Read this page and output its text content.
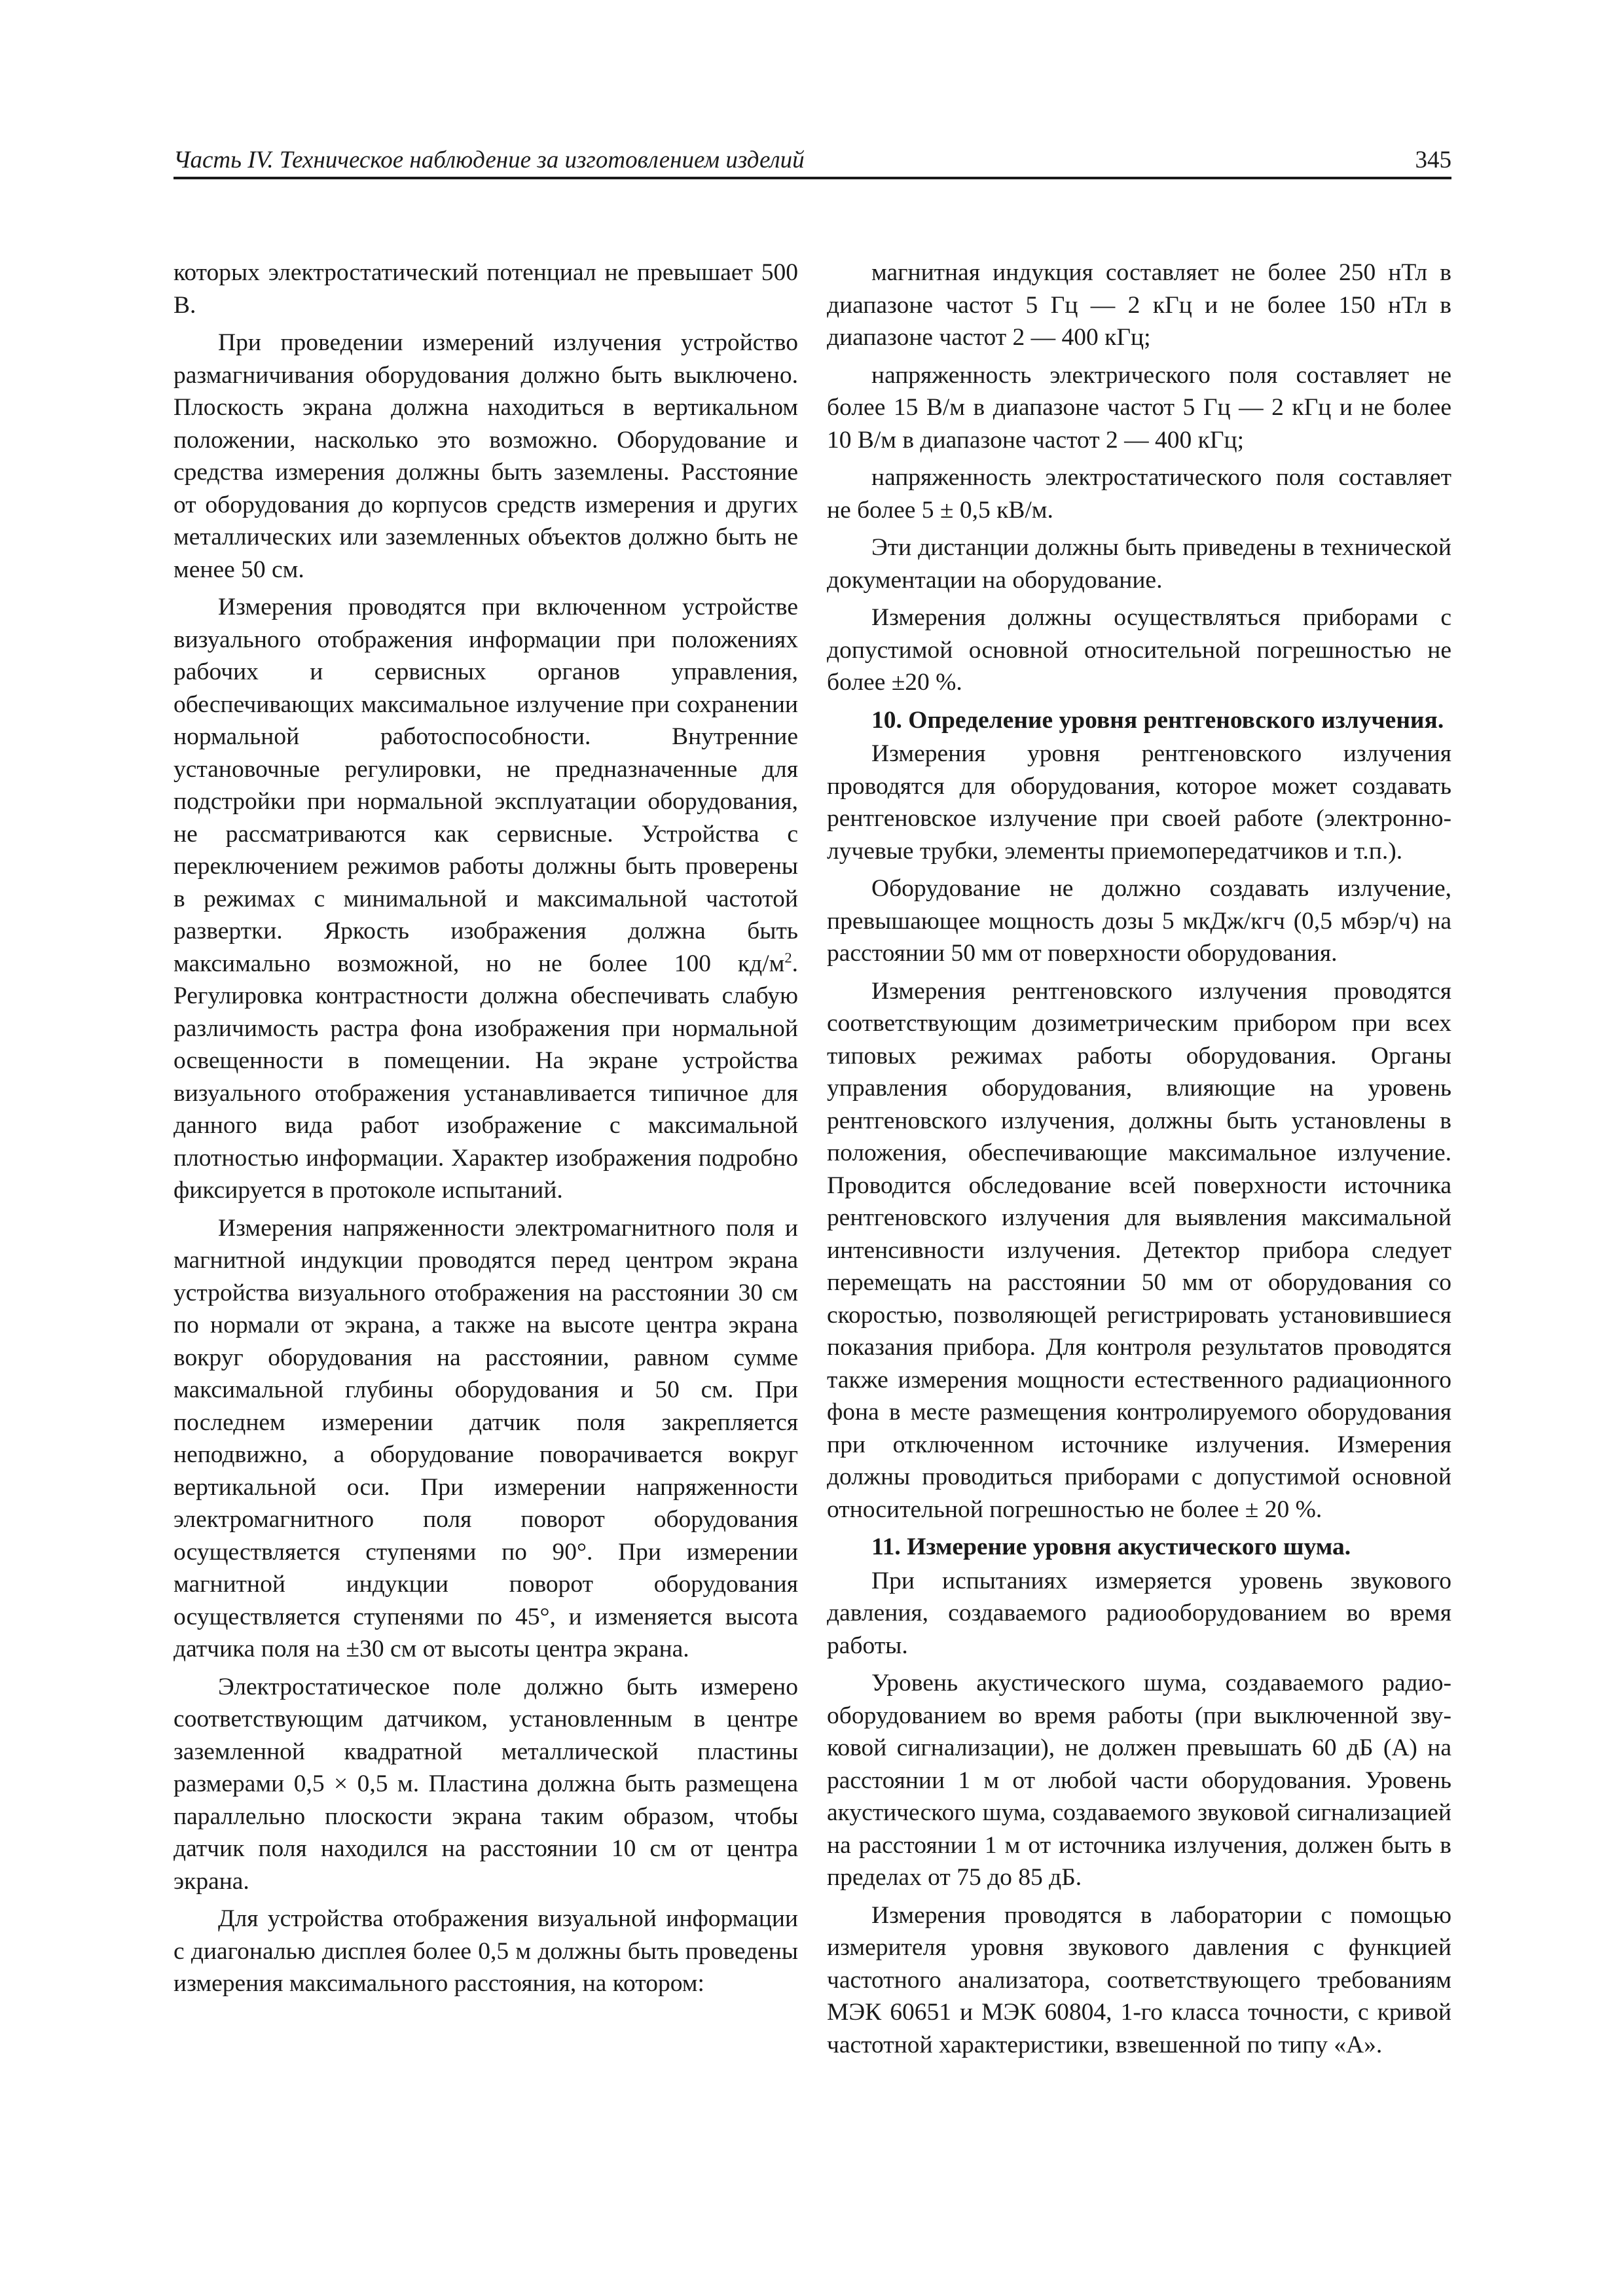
Часть IV. Техническое наблюдение за изготовлением изделий	345

которых электростатический потенциал не превышает 500 В.

При проведении измерений излучения устройство размагничивания оборудования должно быть выключено. Плоскость экрана должна находиться в вертикальном положении, насколько это возможно. Оборудование и средства измерения должны быть заземлены. Расстояние от оборудования до корпусов средств измерения и других металлических или заземленных объектов должно быть не менее 50 см.

Измерения проводятся при включенном устройстве визуального отображения информации при положениях рабочих и сервисных органов управления, обеспечивающих максимальное излучение при сохранении нормальной работоспособности. Внутренние установочные регулировки, не предназначенные для подстройки при нормальной эксплуатации оборудования, не рассматриваются как сервисные. Устройства с переключением режимов работы должны быть проверены в режимах с минимальной и максимальной частотой развертки. Яркость изображения должна быть максимально возможной, но не более 100 $кд/м^2$. Регулировка контрастности должна обеспечивать слабую различимость растра фона изображения при нормальной освещенности в помещении. На экране устройства визуального отображения устанавливается типичное для данного вида работ изображение с максимальной плотностью информации. Характер изображения подробно фиксируется в протоколе испытаний.

Измерения напряженности электромагнитного поля и магнитной индукции проводятся перед центром экрана устройства визуального отображения на расстоянии 30 см по нормали от экрана, а также на высоте центра экрана вокруг оборудования на расстоянии, равном сумме максимальной глубины оборудования и 50 см. При последнем измерении датчик поля закрепляется неподвижно, а оборудование поворачивается вокруг вертикальной оси. При измерении напряженности электромагнитного поля поворот оборудования осуществляется ступенями по 90°. При измерении магнитной индукции поворот оборудования осуществляется ступенями по 45°, и изменяется высота датчика поля на ±30 см от высоты центра экрана.

Электростатическое поле должно быть измерено соответствующим датчиком, установленным в центре заземленной квадратной металлической пластины размерами 0,5 × 0,5 м. Пластина должна быть размещена параллельно плоскости экрана таким образом, чтобы датчик поля находился на расстоянии 10 см от центра экрана.

Для устройства отображения визуальной информации с диагональю дисплея более 0,5 м должны быть проведены измерения максимального расстояния, на котором:

магнитная индукция составляет не более 250 нТл в диапазоне частот 5 Гц — 2 кГц и не более 150 нТл в диапазоне частот 2 — 400 кГц;

напряженность электрического поля составляет не более 15 В/м в диапазоне частот 5 Гц — 2 кГц и не более 10 В/м в диапазоне частот 2 — 400 кГц;

напряженность электростатического поля составляет не более 5 ± 0,5 кВ/м.

Эти дистанции должны быть приведены в технической документации на оборудование.

Измерения должны осуществляться приборами с допустимой основной относительной погрешностью не более ±20 %.

10. Определение уровня рентгеновского излучения.

Измерения уровня рентгеновского излучения проводятся для оборудования, которое может создавать рентгеновское излучение при своей работе (электронно-лучевые трубки, элементы приемопередатчиков и т.п.).

Оборудование не должно создавать излучение, превышающее мощность дозы 5 мкДж/кгч (0,5 мбэр/ч) на расстоянии 50 мм от поверхности оборудования.

Измерения рентгеновского излучения проводятся соответствующим дозиметрическим прибором при всех типовых режимах работы оборудования. Органы управления оборудования, влияющие на уровень рентгеновского излучения, должны быть установлены в положения, обеспечивающие максимальное излучение. Проводится обследование всей поверхности источника рентгеновского излучения для выявления максимальной интенсивности излучения. Детектор прибора следует перемещать на расстоянии 50 мм от оборудования со скоростью, позволяющей регистрировать установившиеся показания прибора. Для контроля результатов проводятся также измерения мощности естественного радиационного фона в месте размещения контролируемого оборудования при отключенном источнике излучения. Измерения должны проводиться приборами с допустимой основной относительной погрешностью не более ± 20 %.

11. Измерение уровня акустического шума.

При испытаниях измеряется уровень звукового давления, создаваемого радиооборудованием во время работы.

Уровень акустического шума, создаваемого радиооборудованием во время работы (при выключенной звуковой сигнализации), не должен превышать 60 дБ (А) на расстоянии 1 м от любой части оборудования. Уровень акустического шума, создаваемого звуковой сигнализацией на расстоянии 1 м от источника излучения, должен быть в пределах от 75 до 85 дБ.

Измерения проводятся в лаборатории с помощью измерителя уровня звукового давления с функцией частотного анализатора, соответствующего требованиям МЭК 60651 и МЭК 60804, 1-го класса точности, с кривой частотной характеристики, взвешенной по типу «А».
